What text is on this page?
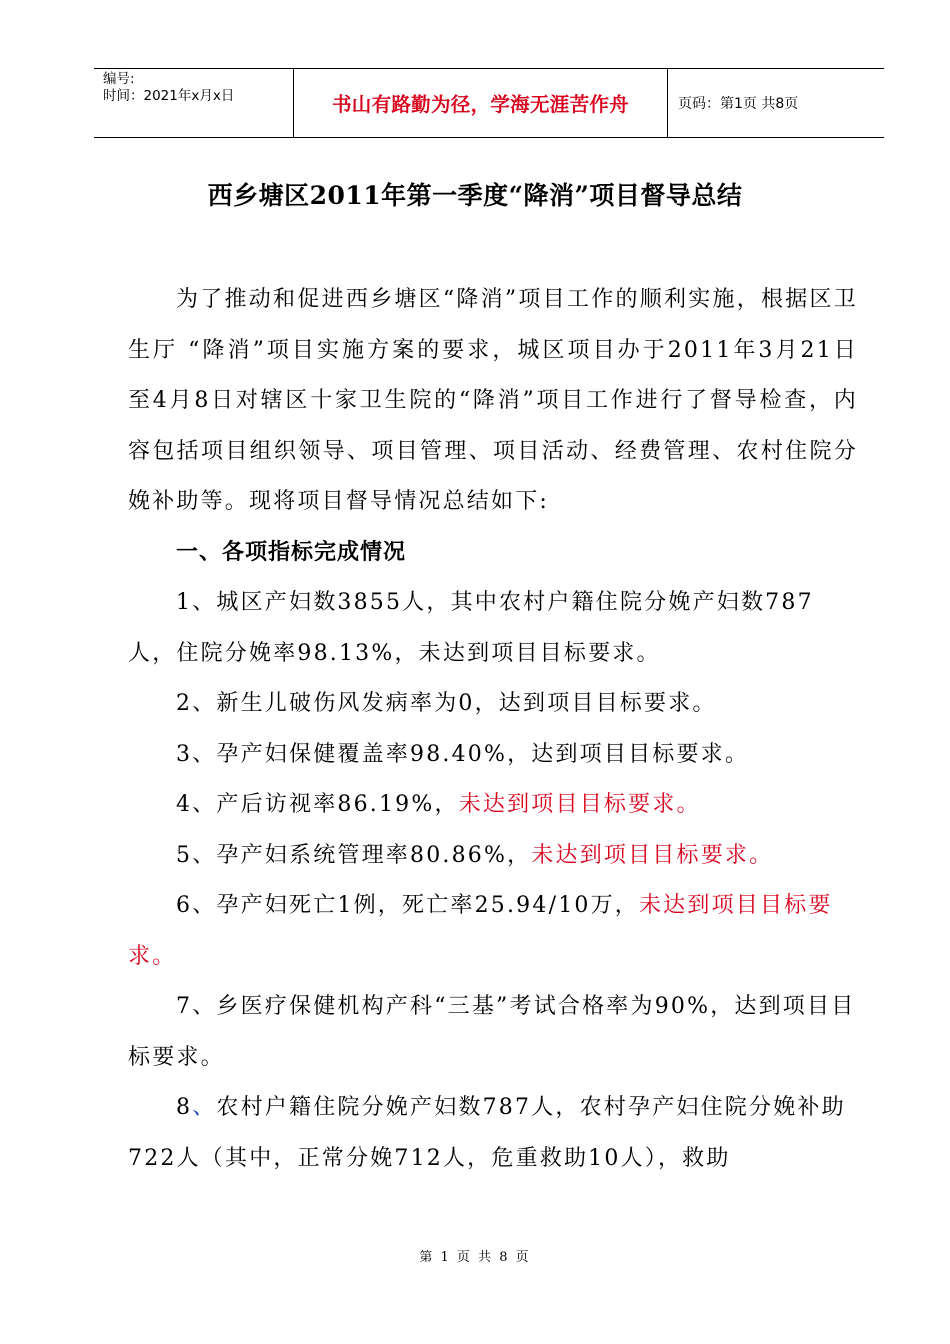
编号:
时间：2021年x月x日	书山有路勤为径，学海无涯苦作舟	页码：第1页 共8页
西乡塘区2011年第一季度“降消”项目督导总结

为了推动和促进西乡塘区“降消”项目工作的顺利实施，根据区卫生厅 “降消”项目实施方案的要求，城区项目办于2011年3月21日至4月8日对辖区十家卫生院的“降消”项目工作进行了督导检查，内容包括项目组织领导、项目管理、项目活动、经费管理、农村住院分娩补助等。现将项目督导情况总结如下:

一、各项指标完成情况

1、城区产妇数3855人，其中农村户籍住院分娩产妇数787人，住院分娩率98.13%，未达到项目目标要求。

2、新生儿破伤风发病率为0，达到项目目标要求。

3、孕产妇保健覆盖率98.40%，达到项目目标要求。

4、产后访视率86.19%，未达到项目目标要求。

5、孕产妇系统管理率80.86%，未达到项目目标要求。

6、孕产妇死亡1例，死亡率25.94/10万，未达到项目目标要求。

7、乡医疗保健机构产科“三基”考试合格率为90%，达到项目目标要求。

8、农村户籍住院分娩产妇数787人，农村孕产妇住院分娩补助722人（其中，正常分娩712人，危重救助10人），救助

第 1 页 共 8 页
